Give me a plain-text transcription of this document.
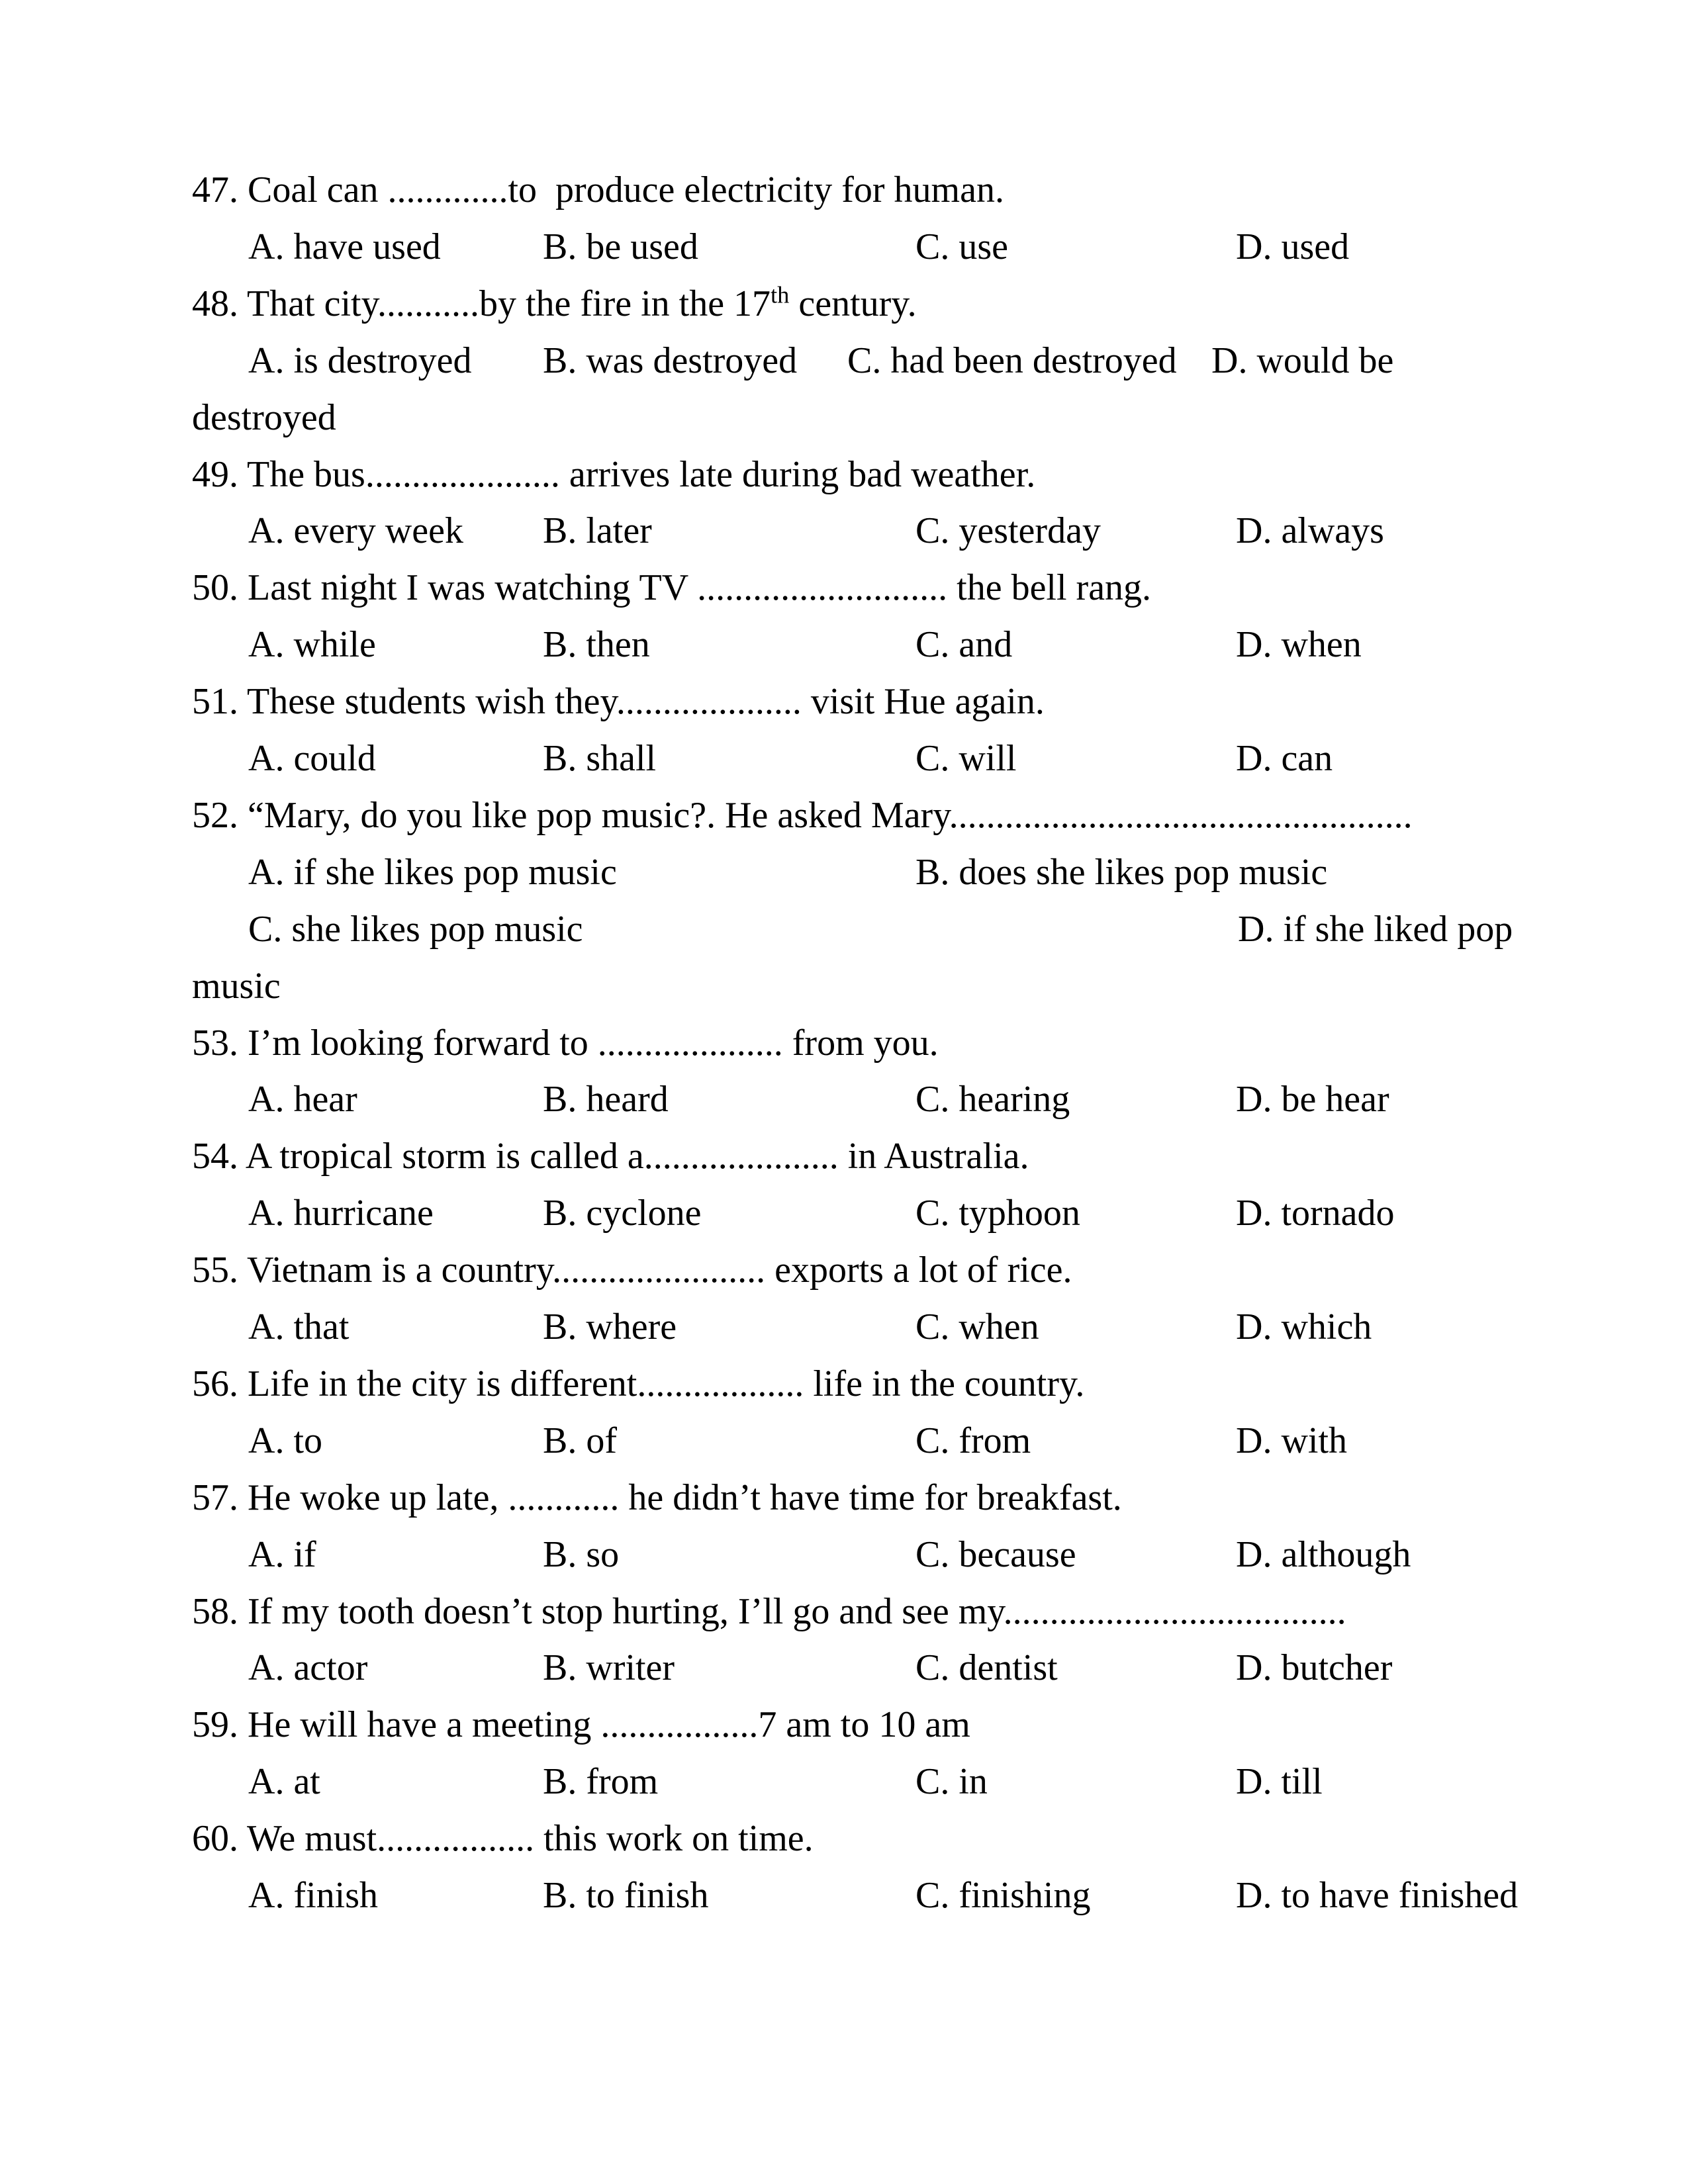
47. Coal can .............to  produce electricity for human.
A. have used	B. be used	C. use	D. used
48. That city...........by the fire in the 17th century.
A. is destroyed B. was destroyed C. had been destroyed D. would be
destroyed
49. The bus..................... arrives late during bad weather.
A. every week B. later	C. yesterday	D. always
50. Last night I was watching TV ........................... the bell rang.
A. while	B. then	C. and	D. when
51. These students wish they.................... visit Hue again.
A. could	B. shall	C. will	D. can
52. “Mary, do you like pop music?. He asked Mary..................................................
A. if she likes pop music	B. does she likes pop music
C. she likes pop music	D. if she liked pop
music
53. I’m looking forward to .................... from you.
A. hear	B. heard	C. hearing	D. be hear
54. A tropical storm is called a..................... in Australia.
A. hurricane	B. cyclone	C. typhoon	D. tornado
55. Vietnam is a country....................... exports a lot of rice.
A. that	B. where	C. when	D. which
56. Life in the city is different.................. life in the country.
A. to	B. of	C. from	D. with
57. He woke up late, ............ he didn’t have time for breakfast.
A. if	B. so	C. because	D. although
58. If my tooth doesn’t stop hurting, I’ll go and see my.....................................
A. actor	B. writer	C. dentist	D. butcher
59. He will have a meeting .................7 am to 10 am
A. at	B. from	C. in	D. till
60. We must................. this work on time.
A. finish	B. to finish	C. finishing	D. to have finished
